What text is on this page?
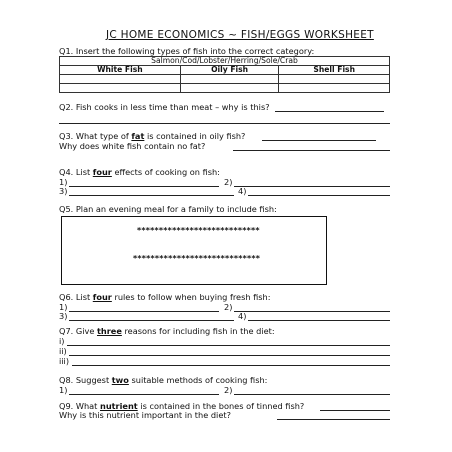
JC HOME ECONOMICS ~ FISH/EGGS WORKSHEET
Q1. Insert the following types of fish into the correct category:
Salmon/Cod/Lobster/Herring/Sole/Crab		
White Fish	Oily Fish	Shell Fish

Q2. Fish cooks in less time than meat – why is this?
Q3. What type of fat is contained in oily fish?
Why does white fish contain no fat?
Q4. List four effects of cooking on fish:
1)	2)
3)	4)
Q5. Plan an evening meal for a family to include fish:
****************************
*****************************
Q6. List four rules to follow when buying fresh fish:
1)	2)
3)	4)
Q7. Give three reasons for including fish in the diet:
i)
ii)
iii)
Q8. Suggest two suitable methods of cooking fish:
1)	2)
Q9. What nutrient is contained in the bones of tinned fish?
Why is this nutrient important in the diet?
